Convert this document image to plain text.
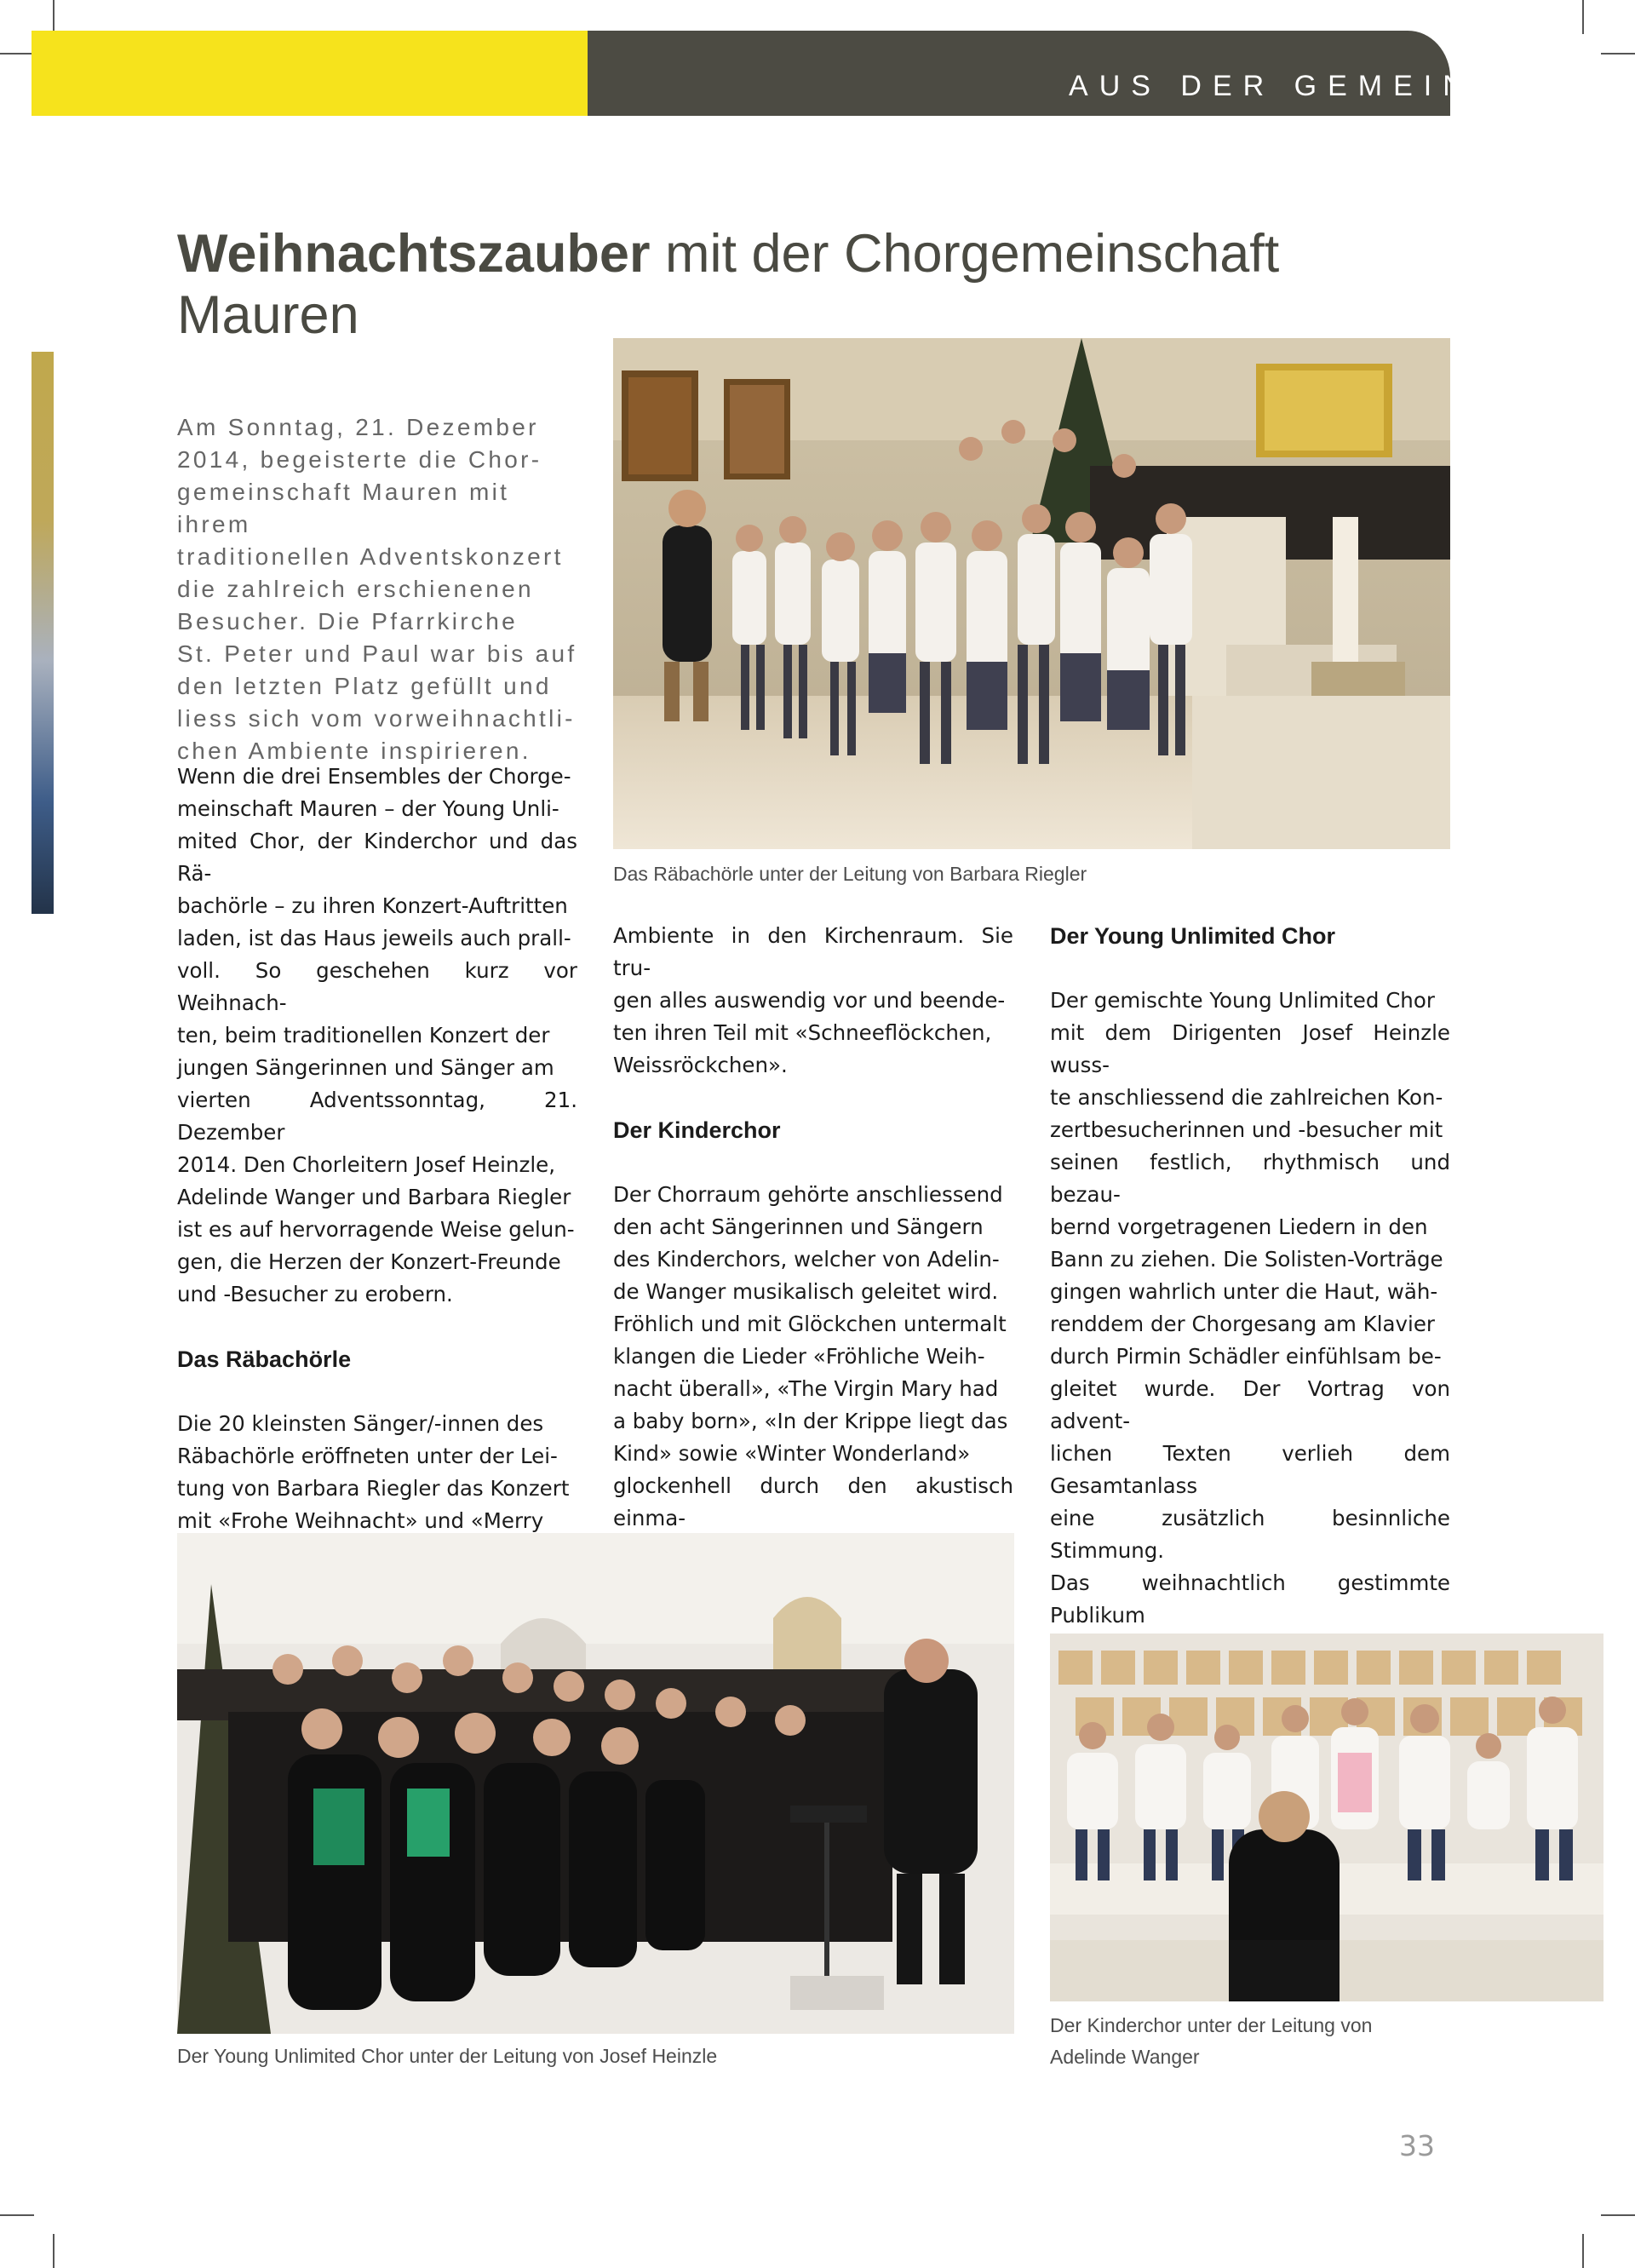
AUS DER GEMEINDE
Weihnachtszauber mit der Chorgemeinschaft
Mauren
Am Sonntag, 21. Dezember
2014, begeisterte die Chor-
gemeinschaft Mauren mit ihrem
traditionellen Adventskonzert
die zahlreich erschienenen
Besucher. Die Pfarrkirche
St. Peter und Paul war bis auf
den letzten Platz gefüllt und
liess sich vom vorweihnachtli-
chen Ambiente inspirieren.

Wenn die drei Ensembles der Chorge-

meinschaft Mauren – der Young Unli-

mited Chor, der Kinderchor und das Rä-

bachörle – zu ihren Konzert-Auftritten

laden, ist das Haus jeweils auch prall-

voll. So geschehen kurz vor Weihnach-

ten, beim traditionellen Konzert der

jungen Sängerinnen und Sänger am

vierten Adventssonntag, 21. Dezember

2014. Den Chorleitern Josef Heinzle,

Adelinde Wanger und Barbara Riegler

ist es auf hervorragende Weise gelun-

gen, die Herzen der Konzert-Freunde

und -Besucher zu erobern.

Das Räbachörle

Die 20 kleinsten Sänger/-innen des

Räbachörle eröffneten unter der Lei-

tung von Barbara Riegler das Konzert

mit «Frohe Weihnacht» und «Merry

Ambiente in den Kirchenraum. Sie tru-

gen alles auswendig vor und beende-

ten ihren Teil mit «Schneeflöckchen,

Weissröckchen».

Der Kinderchor

Der Chorraum gehörte anschliessend

den acht Sängerinnen und Sängern

des Kinderchors, welcher von Adelin-

de Wanger musikalisch geleitet wird.

Fröhlich und mit Glöckchen untermalt

klangen die Lieder «Fröhliche Weih-

nacht überall», «The Virgin Mary had

a baby born», «In der Krippe liegt das

Kind» sowie «Winter Wonderland»

glockenhell durch den akustisch einma-

Der Young Unlimited Chor

Der gemischte Young Unlimited Chor

mit dem Dirigenten Josef Heinzle wuss-

te anschliessend die zahlreichen Kon-

zertbesucherinnen und -besucher mit

seinen festlich, rhythmisch und bezau-

bernd vorgetragenen Liedern in den

Bann zu ziehen. Die Solisten-Vorträge

gingen wahrlich unter die Haut, wäh-

renddem der Chorgesang am Klavier

durch Pirmin Schädler einfühlsam be-

gleitet wurde. Der Vortrag von advent-

lichen Texten verlieh dem Gesamtanlass

eine zusätzlich besinnliche Stimmung.

Das weihnachtlich gestimmte Publikum

Das Räbachörle unter der Leitung von Barbara Riegler
Der Young Unlimited Chor unter der Leitung von Josef Heinzle
Der Kinderchor unter der Leitung von
Adelinde Wanger
33
